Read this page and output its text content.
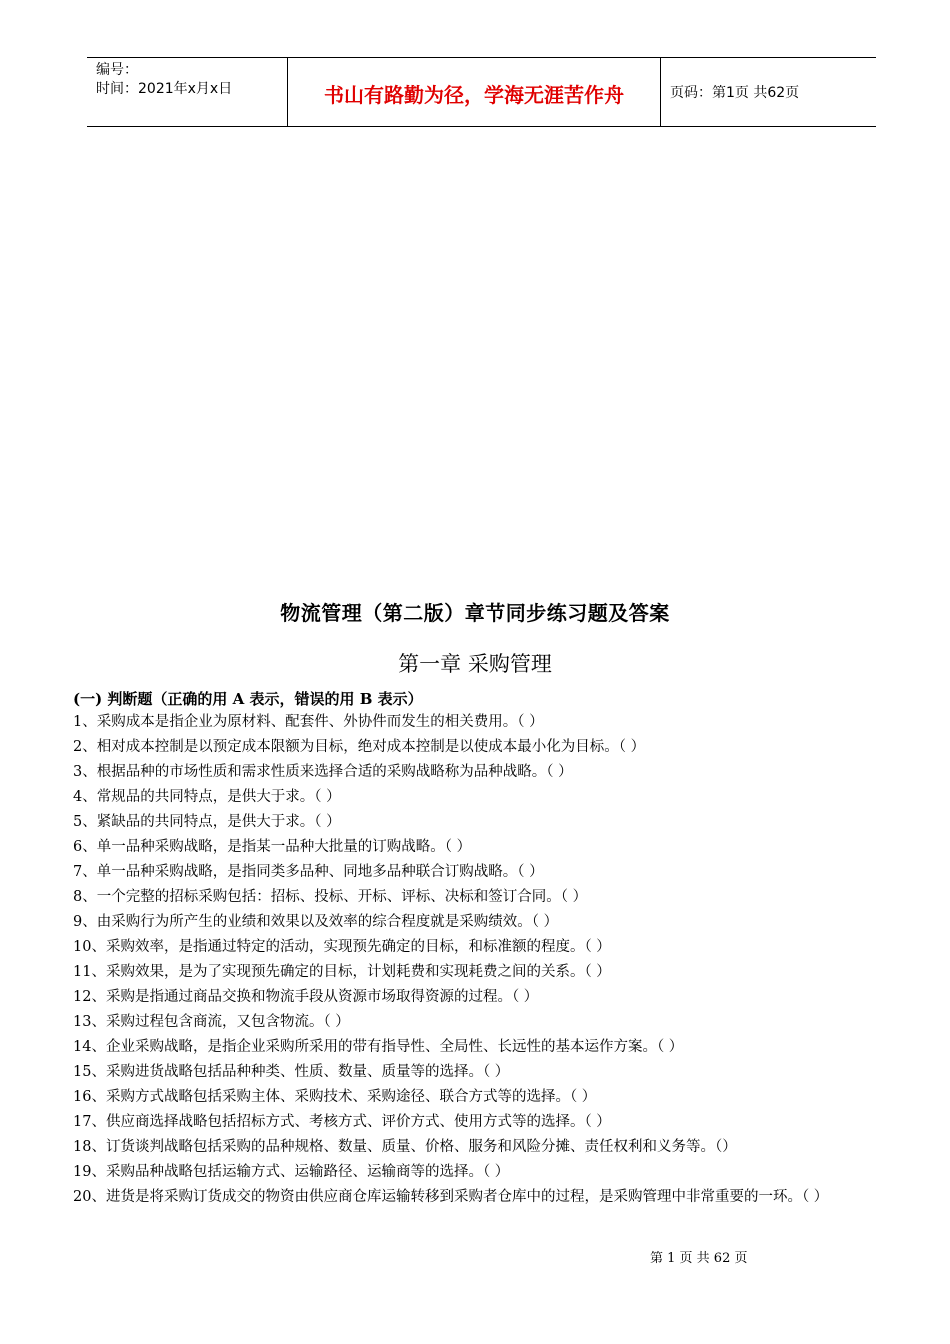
编号：
时间：2021年x月x日	书山有路勤为径，学海无涯苦作舟	页码：第1页 共62页
物流管理（第二版）章节同步练习题及答案
第一章 采购管理
(一) 判断题（正确的用 A 表示，错误的用 B 表示）
1、采购成本是指企业为原材料、配套件、外协件而发生的相关费用。（ ）
2、相对成本控制是以预定成本限额为目标，绝对成本控制是以使成本最小化为目标。（ ）
3、根据品种的市场性质和需求性质来选择合适的采购战略称为品种战略。（ ）
4、常规品的共同特点，是供大于求。（ ）
5、紧缺品的共同特点，是供大于求。（ ）
6、单一品种采购战略，是指某一品种大批量的订购战略。（ ）
7、单一品种采购战略，是指同类多品种、同地多品种联合订购战略。（ ）
8、一个完整的招标采购包括：招标、投标、开标、评标、决标和签订合同。（ ）
9、由采购行为所产生的业绩和效果以及效率的综合程度就是采购绩效。（ ）
10、采购效率，是指通过特定的活动，实现预先确定的目标，和标准额的程度。（ ）
11、采购效果，是为了实现预先确定的目标，计划耗费和实现耗费之间的关系。（ ）
12、采购是指通过商品交换和物流手段从资源市场取得资源的过程。（ ）
13、采购过程包含商流，又包含物流。（ ）
14、企业采购战略，是指企业采购所采用的带有指导性、全局性、长远性的基本运作方案。（ ）
15、采购进货战略包括品种种类、性质、数量、质量等的选择。（ ）
16、采购方式战略包括采购主体、采购技术、采购途径、联合方式等的选择。（ ）
17、供应商选择战略包括招标方式、考核方式、评价方式、使用方式等的选择。（ ）
18、订货谈判战略包括采购的品种规格、数量、质量、价格、服务和风险分摊、责任权利和义务等。（）
19、采购品种战略包括运输方式、运输路径、运输商等的选择。（ ）
20、进货是将采购订货成交的物资由供应商仓库运输转移到采购者仓库中的过程，是采购管理中非常重要的一环。（ ）
第 1 页 共 62 页
